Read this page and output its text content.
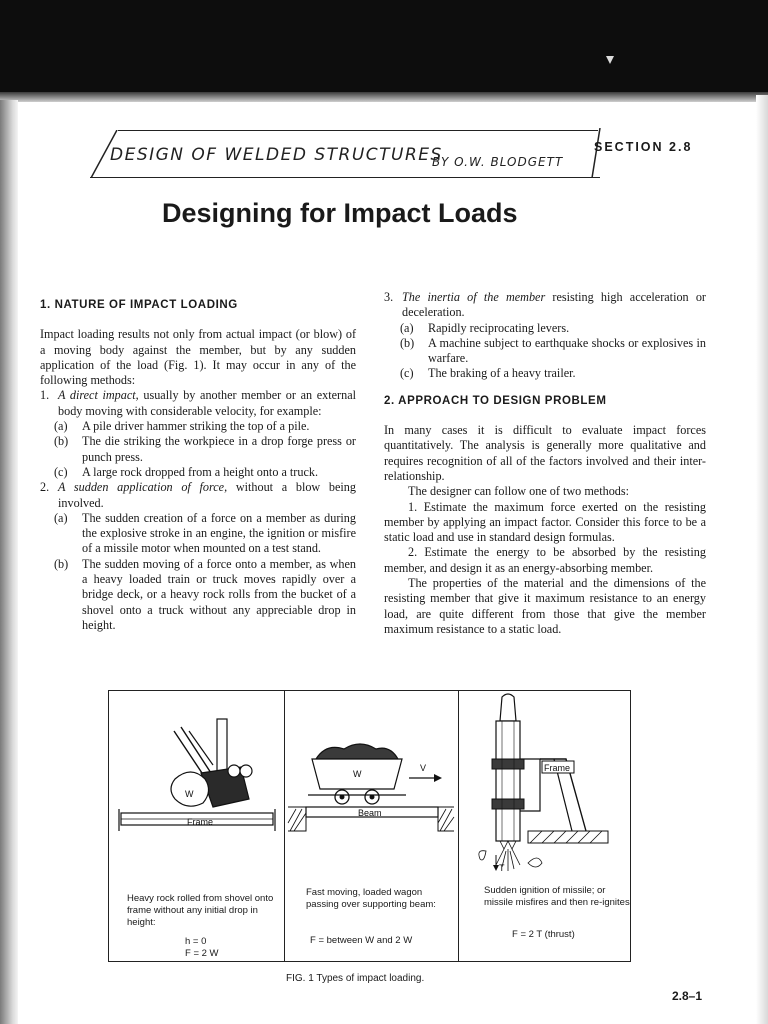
DESIGN OF WELDED STRUCTURES
BY O.W. BLODGETT
SECTION 2.8
Designing for Impact Loads
1. NATURE OF IMPACT LOADING

Impact loading results not only from actual impact (or blow) of a moving body against the member, but by any sudden application of the load (Fig. 1). It may occur in any of the following methods:

1. A direct impact, usually by another member or an external body moving with considerable velocity, for example:
(a)	A pile driver hammer striking the top of a pile.
(b)	The die striking the workpiece in a drop forge press or punch press.
(c)	A large rock dropped from a height onto a truck.
2. A sudden application of force, without a blow being involved.
(a)	The sudden creation of a force on a member as during the explosive stroke in an engine, the ignition or misfire of a missile motor when mounted on a test stand.
(b)	The sudden moving of a force onto a member, as when a heavy loaded train or truck moves rapidly over a bridge deck, or a heavy rock rolls from the bucket of a shovel onto a truck without any appreciable drop in height.
3. The inertia of the member resisting high acceleration or deceleration.
(a)	Rapidly reciprocating levers.
(b)	A machine subject to earthquake shocks or explosives in warfare.
(c)	The braking of a heavy trailer.
2. APPROACH TO DESIGN PROBLEM

In many cases it is difficult to evaluate impact forces quantitatively. The analysis is generally more qualitative and requires recognition of all of the factors involved and their inter-relationship.

The designer can follow one of two methods:

1. Estimate the maximum force exerted on the resisting member by applying an impact factor. Consider this force to be a static load and use in standard design formulas.

2. Estimate the energy to be absorbed by the resisting member, and design it as an energy-absorbing member.

The properties of the material and the dimensions of the resisting member that give it maximum resistance to an energy load, are quite different from those that give the member maximum resistance to a static load.

W
Frame
Heavy rock rolled from shovel onto frame without any initial drop in height:
h = 0
F = 2 W
W
V
Beam
Fast moving, loaded wagon passing over supporting beam:
F = between W and 2 W
Frame
T
Sudden ignition of missile; or missile misfires and then re-ignites
F = 2 T (thrust)
FIG. 1 Types of impact loading.
2.8–1
